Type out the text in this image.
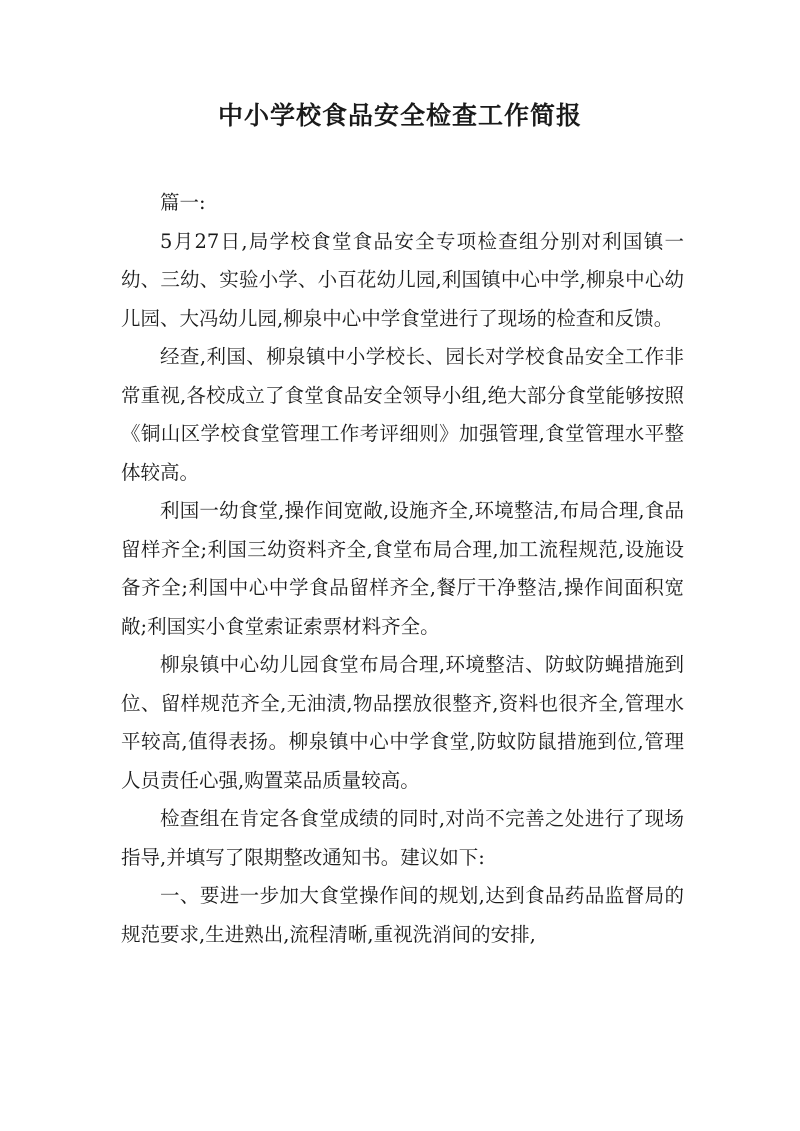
中小学校食品安全检查工作简报

篇一:

5月27日,局学校食堂食品安全专项检查组分别对利国镇一幼、三幼、实验小学、小百花幼儿园,利国镇中心中学,柳泉中心幼儿园、大冯幼儿园,柳泉中心中学食堂进行了现场的检查和反馈。

经查,利国、柳泉镇中小学校长、园长对学校食品安全工作非常重视,各校成立了食堂食品安全领导小组,绝大部分食堂能够按照《铜山区学校食堂管理工作考评细则》加强管理,食堂管理水平整体较高。

利国一幼食堂,操作间宽敞,设施齐全,环境整洁,布局合理,食品留样齐全;利国三幼资料齐全,食堂布局合理,加工流程规范,设施设备齐全;利国中心中学食品留样齐全,餐厅干净整洁,操作间面积宽敞;利国实小食堂索证索票材料齐全。

柳泉镇中心幼儿园食堂布局合理,环境整洁、防蚊防蝇措施到位、留样规范齐全,无油渍,物品摆放很整齐,资料也很齐全,管理水平较高,值得表扬。柳泉镇中心中学食堂,防蚊防鼠措施到位,管理人员责任心强,购置菜品质量较高。

检查组在肯定各食堂成绩的同时,对尚不完善之处进行了现场指导,并填写了限期整改通知书。建议如下:

一、要进一步加大食堂操作间的规划,达到食品药品监督局的规范要求,生进熟出,流程清晰,重视洗消间的安排,
